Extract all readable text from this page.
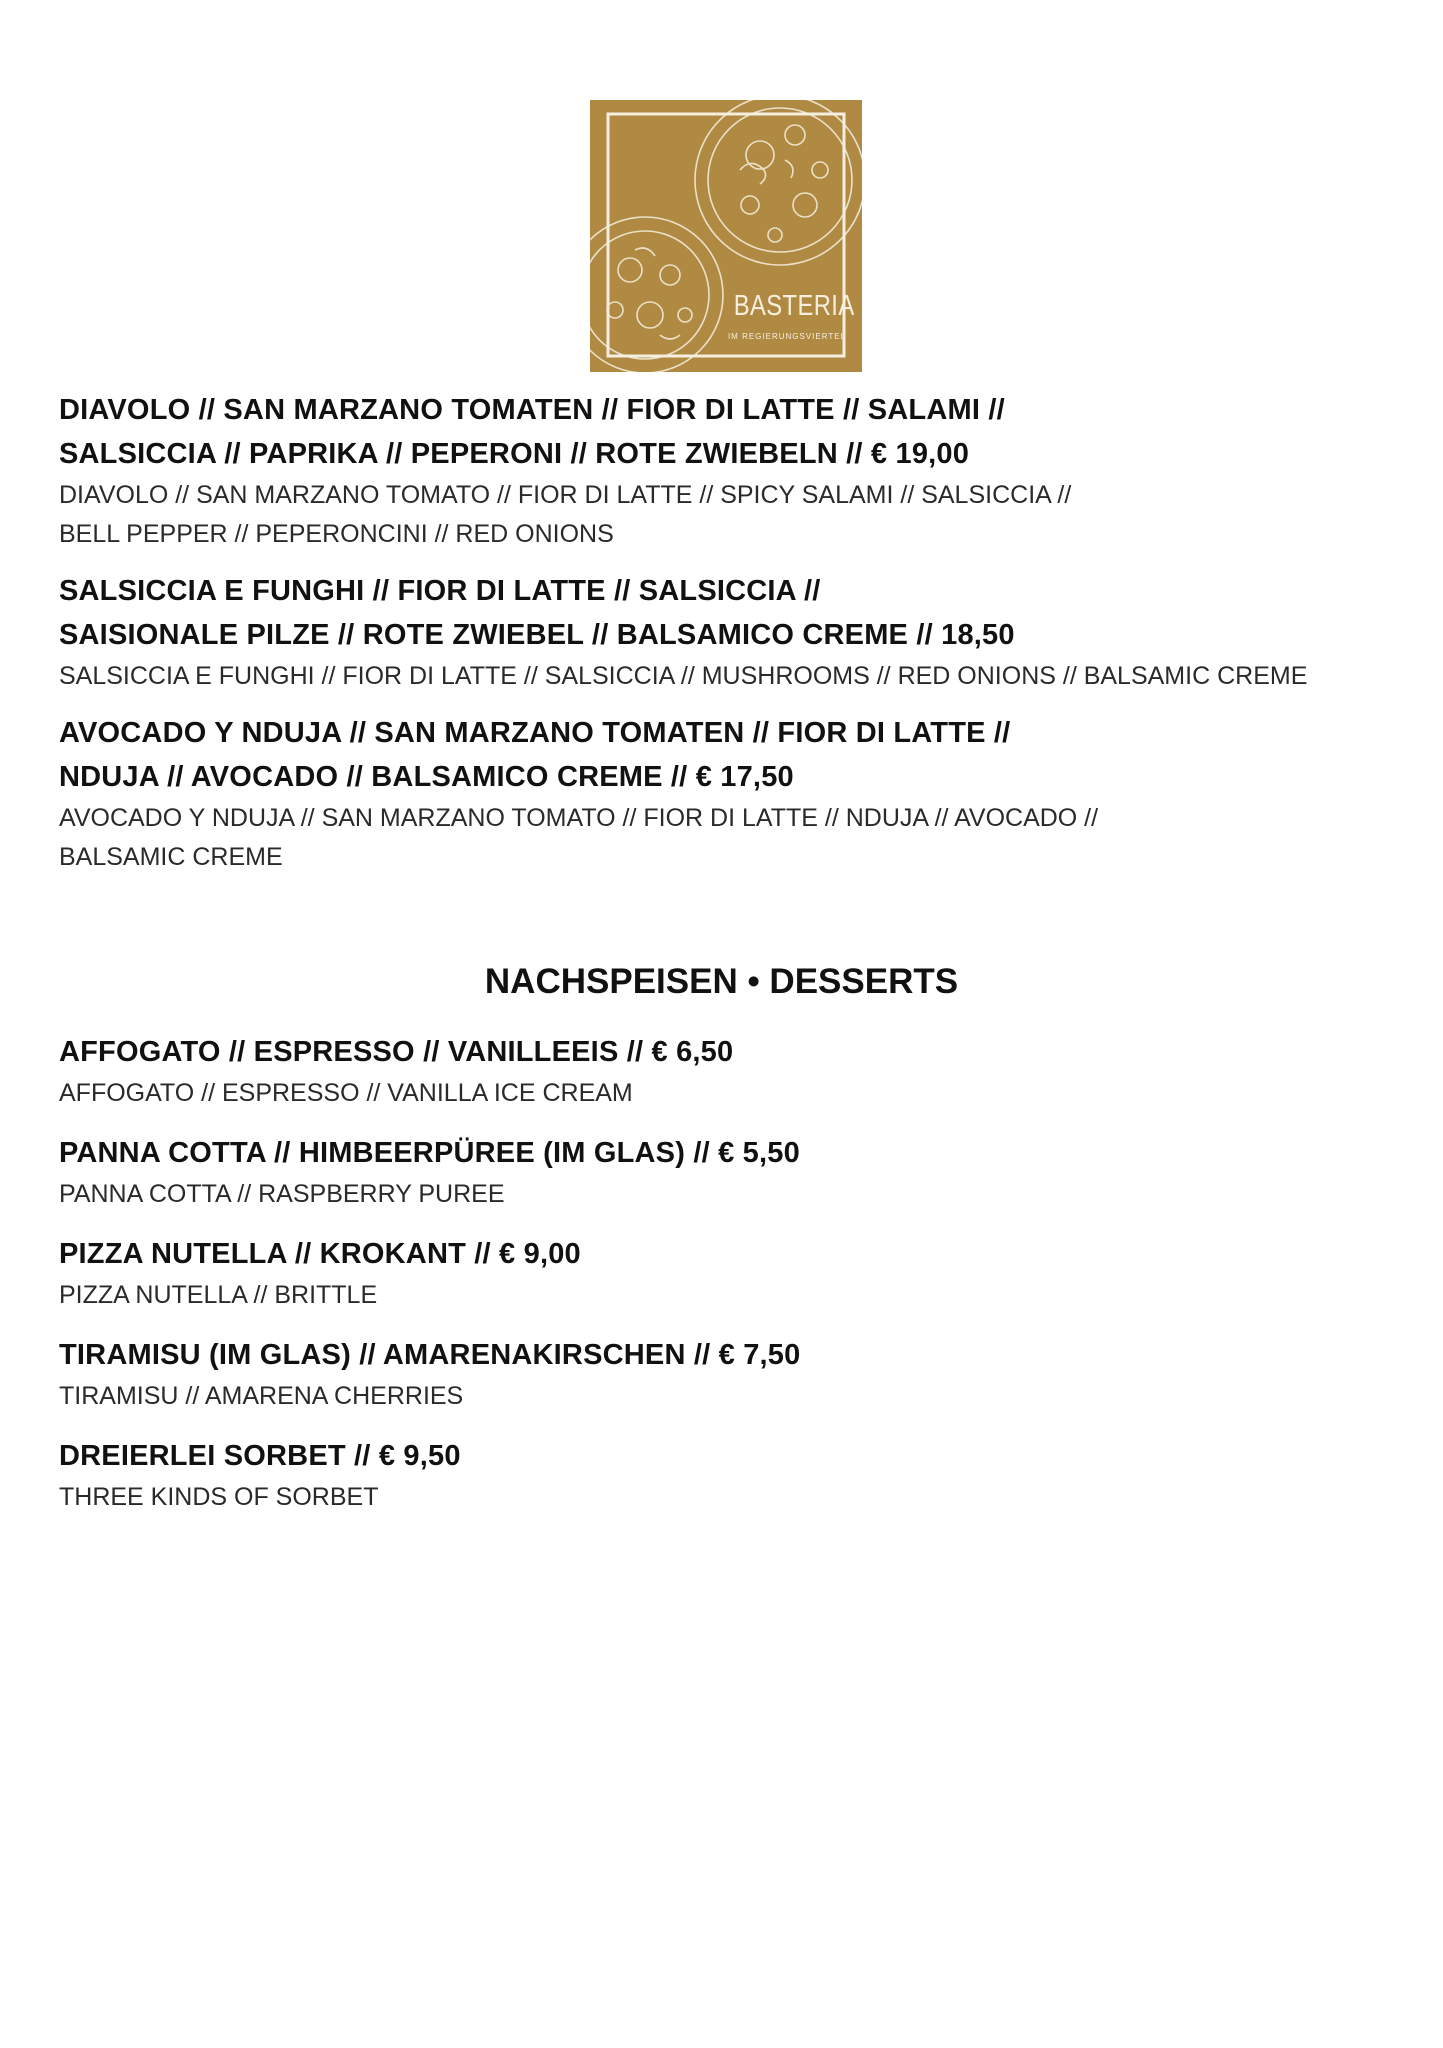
BASTERIA
IM REGIERUNGSVIERTEL
DIAVOLO // SAN MARZANO TOMATEN // FIOR DI LATTE // SALAMI //
SALSICCIA // PAPRIKA // PEPERONI // ROTE ZWIEBELN // € 19,00
DIAVOLO // SAN MARZANO TOMATO // FIOR DI LATTE // SPICY SALAMI // SALSICCIA //
BELL PEPPER // PEPERONCINI // RED ONIONS
SALSICCIA E FUNGHI // FIOR DI LATTE // SALSICCIA //
SAISIONALE PILZE // ROTE ZWIEBEL // BALSAMICO CREME // 18,50
SALSICCIA E FUNGHI // FIOR DI LATTE // SALSICCIA // MUSHROOMS // RED ONIONS // BALSAMIC CREME
AVOCADO Y NDUJA // SAN MARZANO TOMATEN // FIOR DI LATTE //
NDUJA // AVOCADO // BALSAMICO CREME // € 17,50
AVOCADO Y NDUJA // SAN MARZANO TOMATO // FIOR DI LATTE // NDUJA // AVOCADO //
BALSAMIC CREME
NACHSPEISEN • DESSERTS
AFFOGATO // ESPRESSO // VANILLEEIS // € 6,50
AFFOGATO // ESPRESSO // VANILLA ICE CREAM
PANNA COTTA // HIMBEERPÜREE (IM GLAS) // € 5,50
PANNA COTTA // RASPBERRY PUREE
PIZZA NUTELLA // KROKANT // € 9,00
PIZZA NUTELLA // BRITTLE
TIRAMISU (IM GLAS) // AMARENAKIRSCHEN // € 7,50
TIRAMISU // AMARENA CHERRIES
DREIERLEI SORBET // € 9,50
THREE KINDS OF SORBET
